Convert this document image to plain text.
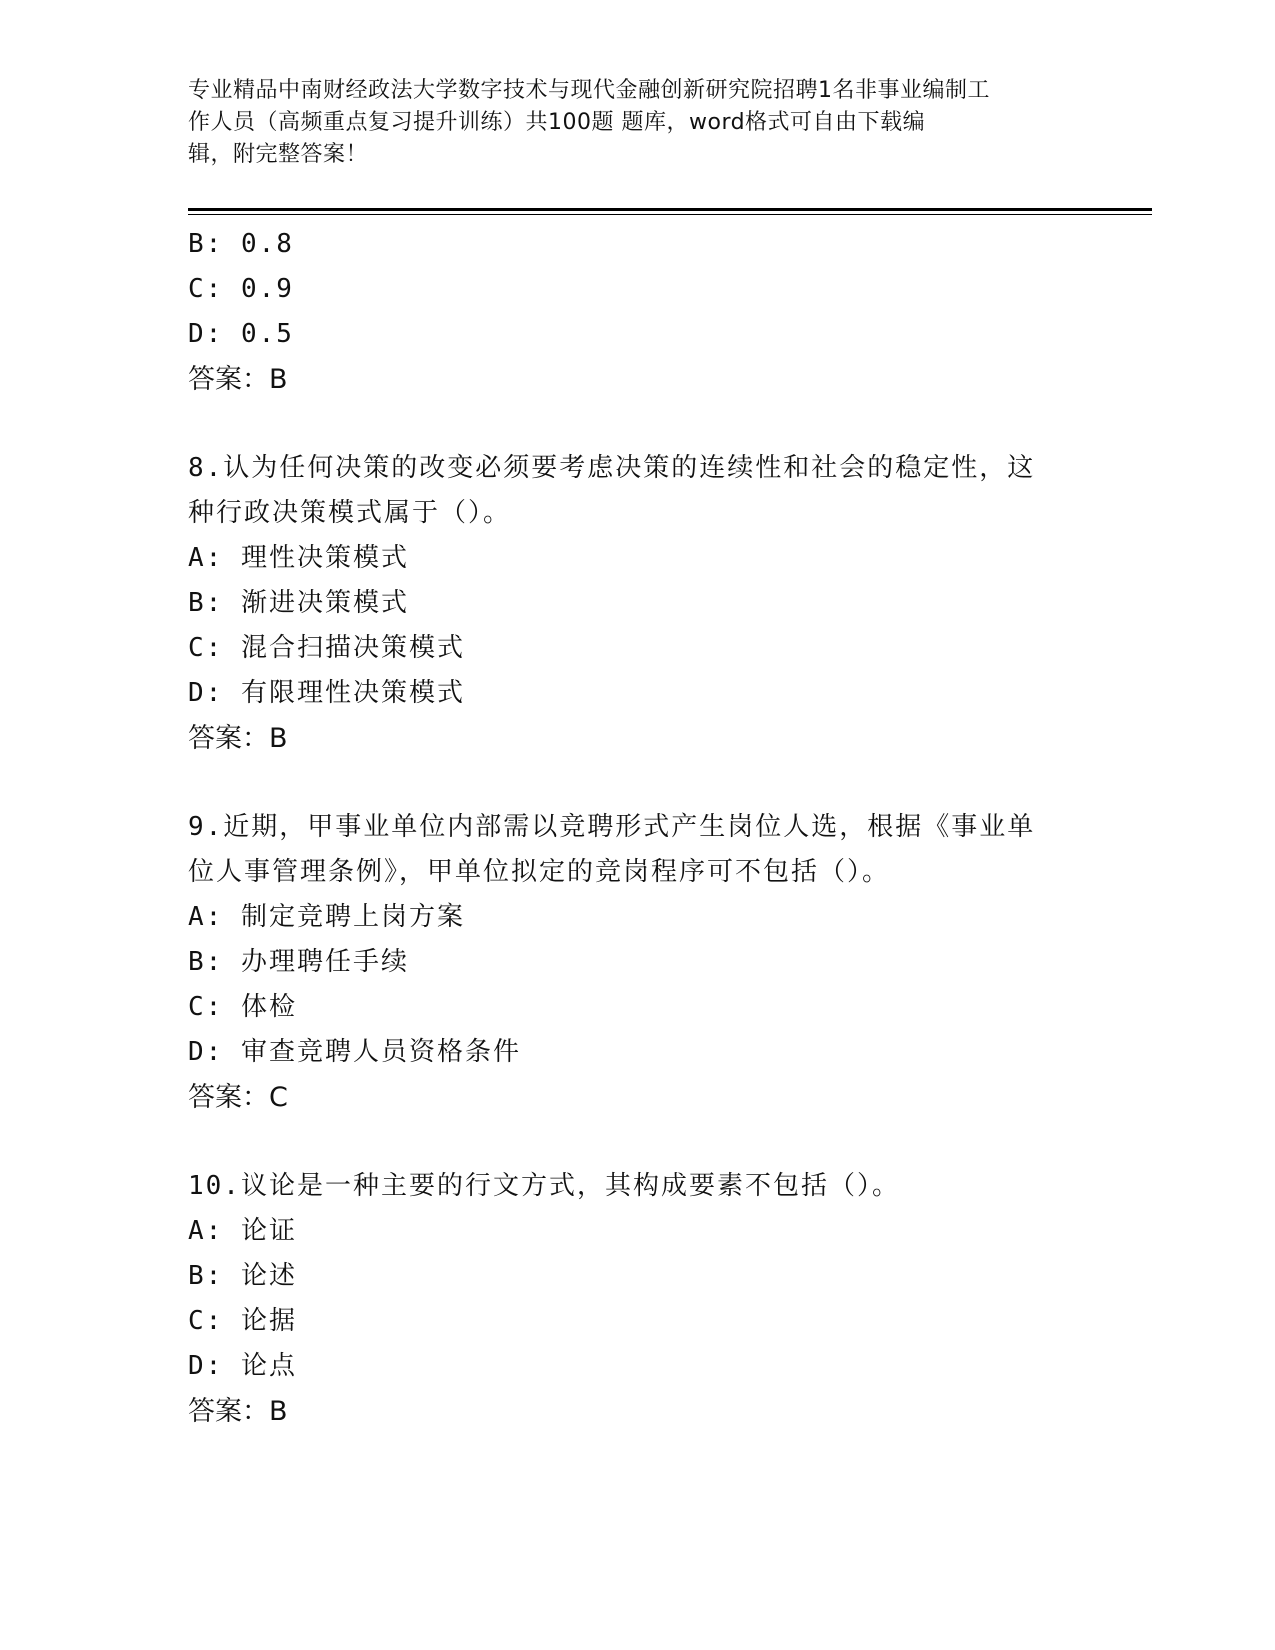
专业精品中南财经政法大学数字技术与现代金融创新研究院招聘1名非事业编制工
作人员（高频重点复习提升训练）共100题 题库，word格式可自由下载编
辑，附完整答案！
B: 0.8
C: 0.9
D: 0.5
答案：B
8.认为任何决策的改变必须要考虑决策的连续性和社会的稳定性，这
种行政决策模式属于（）。
A: 理性决策模式
B: 渐进决策模式
C: 混合扫描决策模式
D: 有限理性决策模式
答案：B
9.近期，甲事业单位内部需以竞聘形式产生岗位人选，根据《事业单
位人事管理条例》，甲单位拟定的竞岗程序可不包括（）。
A: 制定竞聘上岗方案
B: 办理聘任手续
C: 体检
D: 审查竞聘人员资格条件
答案：C
10.议论是一种主要的行文方式，其构成要素不包括（）。
A: 论证
B: 论述
C: 论据
D: 论点
答案：B
